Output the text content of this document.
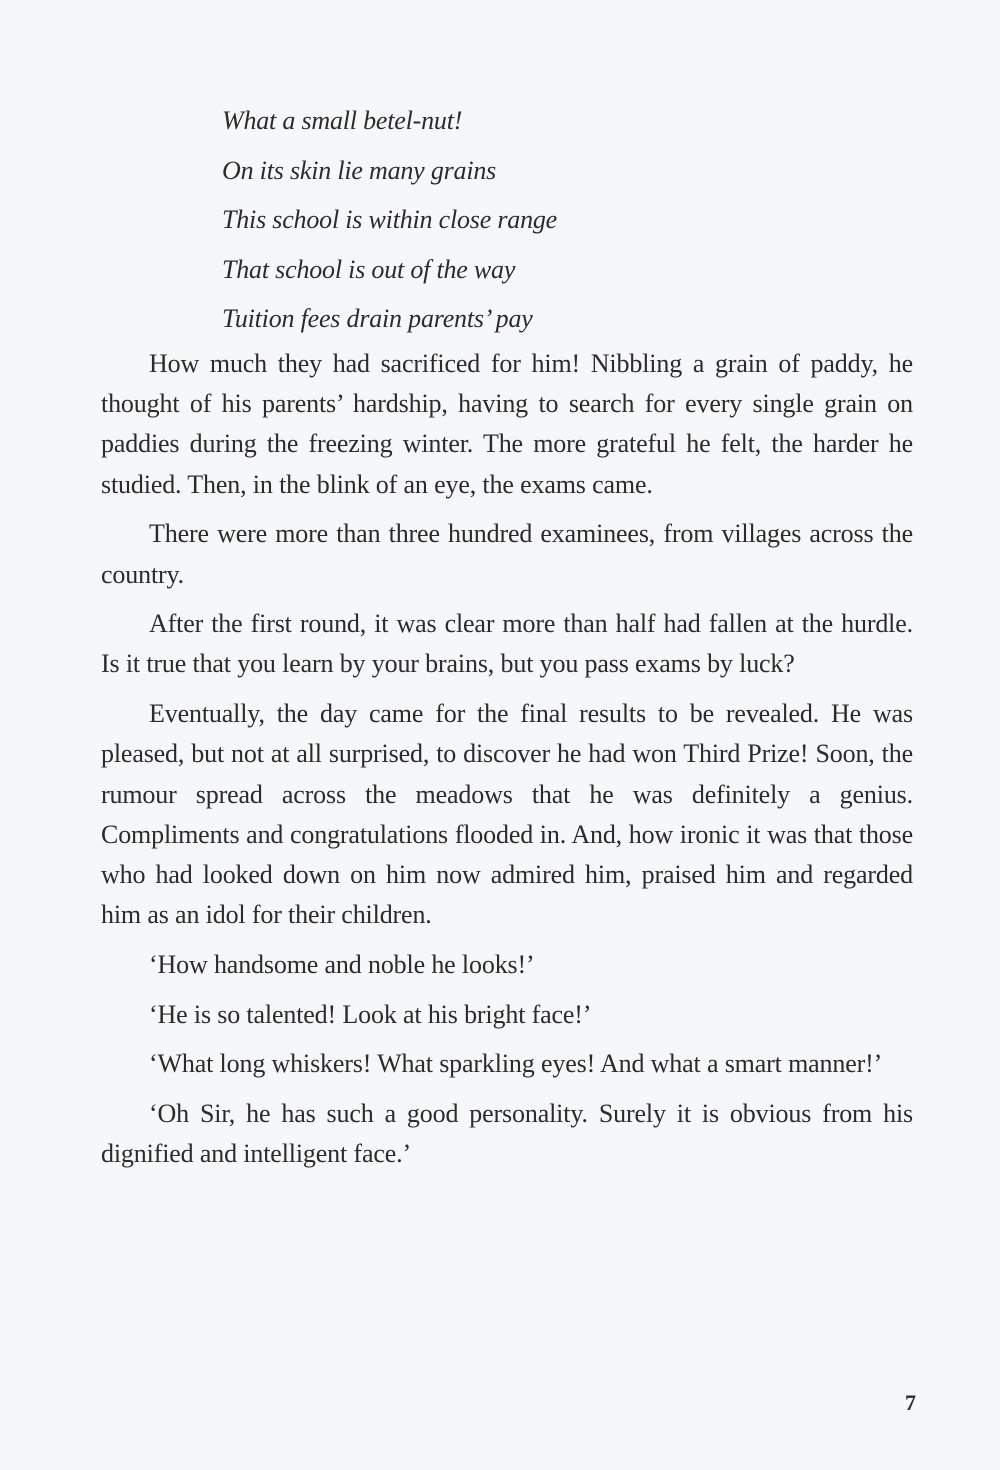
What a small betel-nut!
On its skin lie many grains
This school is within close range
That school is out of the way
Tuition fees drain parents’ pay

How much they had sacrificed for him! Nibbling a grain of paddy, he thought of his parents’ hardship, having to search for every single grain on paddies during the freezing winter. The more grateful he felt, the harder he studied. Then, in the blink of an eye, the exams came.

There were more than three hundred examinees, from villages across the country.

After the first round, it was clear more than half had fallen at the hurdle. Is it true that you learn by your brains, but you pass exams by luck?

Eventually, the day came for the final results to be revealed. He was pleased, but not at all surprised, to discover he had won Third Prize! Soon, the rumour spread across the meadows that he was definitely a genius. Compliments and congratulations flooded in. And, how ironic it was that those who had looked down on him now admired him, praised him and regarded him as an idol for their children.

‘How handsome and noble he looks!’

‘He is so talented! Look at his bright face!’

‘What long whiskers! What sparkling eyes! And what a smart manner!’

‘Oh Sir, he has such a good personality. Surely it is obvious from his dignified and intelligent face.’

7
